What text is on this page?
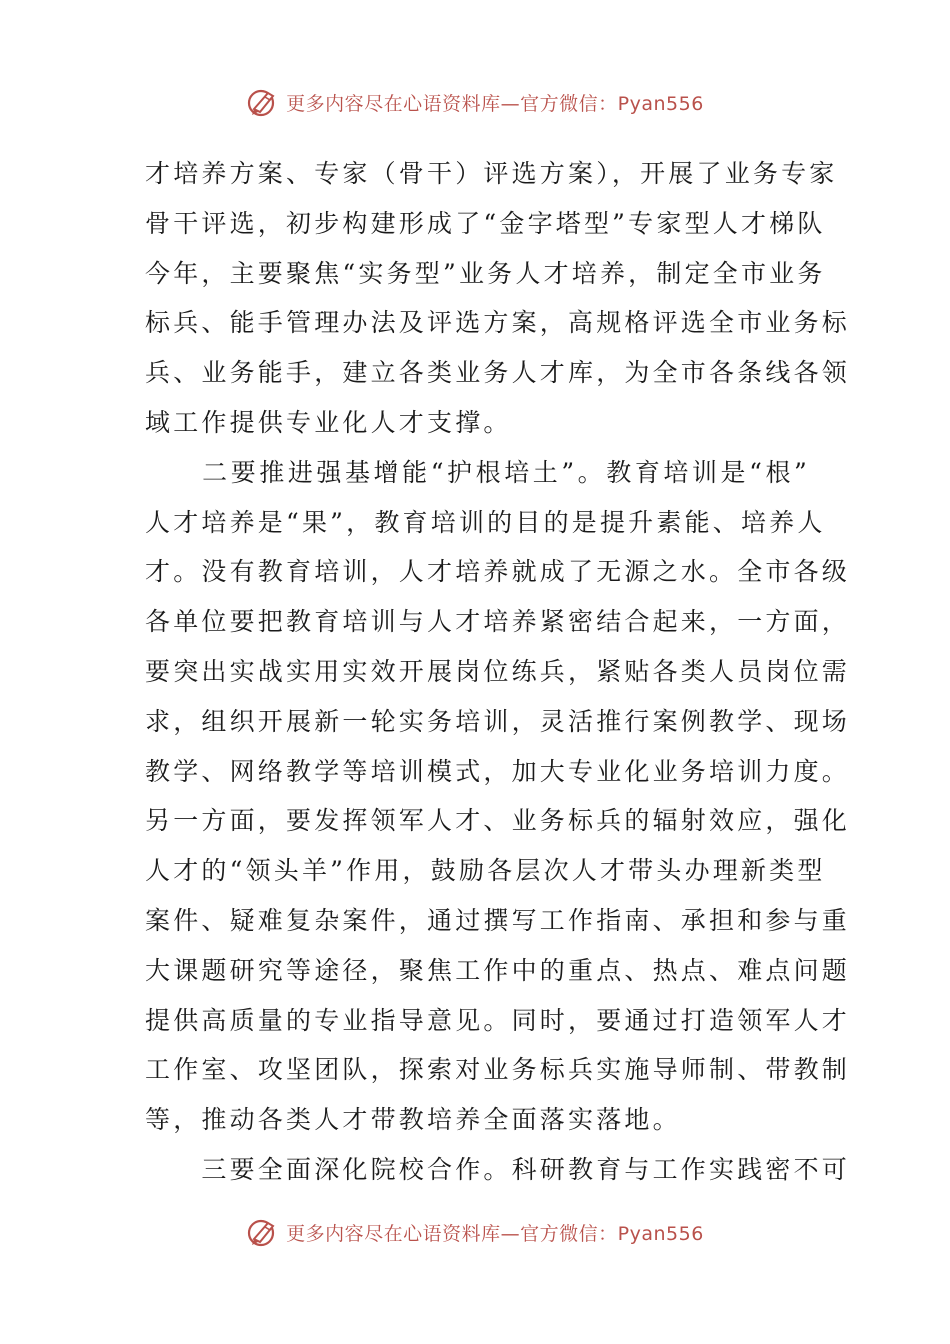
更多内容尽在心语资料库—官方微信：Pyan556
才培养方案、专家（骨干）评选方案），开展了业务专家
骨干评选，初步构建形成了“金字塔型”专家型人才梯队
今年，主要聚焦“实务型”业务人才培养，制定全市业务
标兵、能手管理办法及评选方案，高规格评选全市业务标
兵、业务能手，建立各类业务人才库，为全市各条线各领
域工作提供专业化人才支撑。
　　二要推进强基增能“护根培土”。教育培训是“根”
人才培养是“果”，教育培训的目的是提升素能、培养人
才。没有教育培训，人才培养就成了无源之水。全市各级
各单位要把教育培训与人才培养紧密结合起来，一方面，
要突出实战实用实效开展岗位练兵，紧贴各类人员岗位需
求，组织开展新一轮实务培训，灵活推行案例教学、现场
教学、网络教学等培训模式，加大专业化业务培训力度。
另一方面，要发挥领军人才、业务标兵的辐射效应，强化
人才的“领头羊”作用，鼓励各层次人才带头办理新类型
案件、疑难复杂案件，通过撰写工作指南、承担和参与重
大课题研究等途径，聚焦工作中的重点、热点、难点问题
提供高质量的专业指导意见。同时，要通过打造领军人才
工作室、攻坚团队，探索对业务标兵实施导师制、带教制
等，推动各类人才带教培养全面落实落地。
　　三要全面深化院校合作。科研教育与工作实践密不可
更多内容尽在心语资料库—官方微信：Pyan556
